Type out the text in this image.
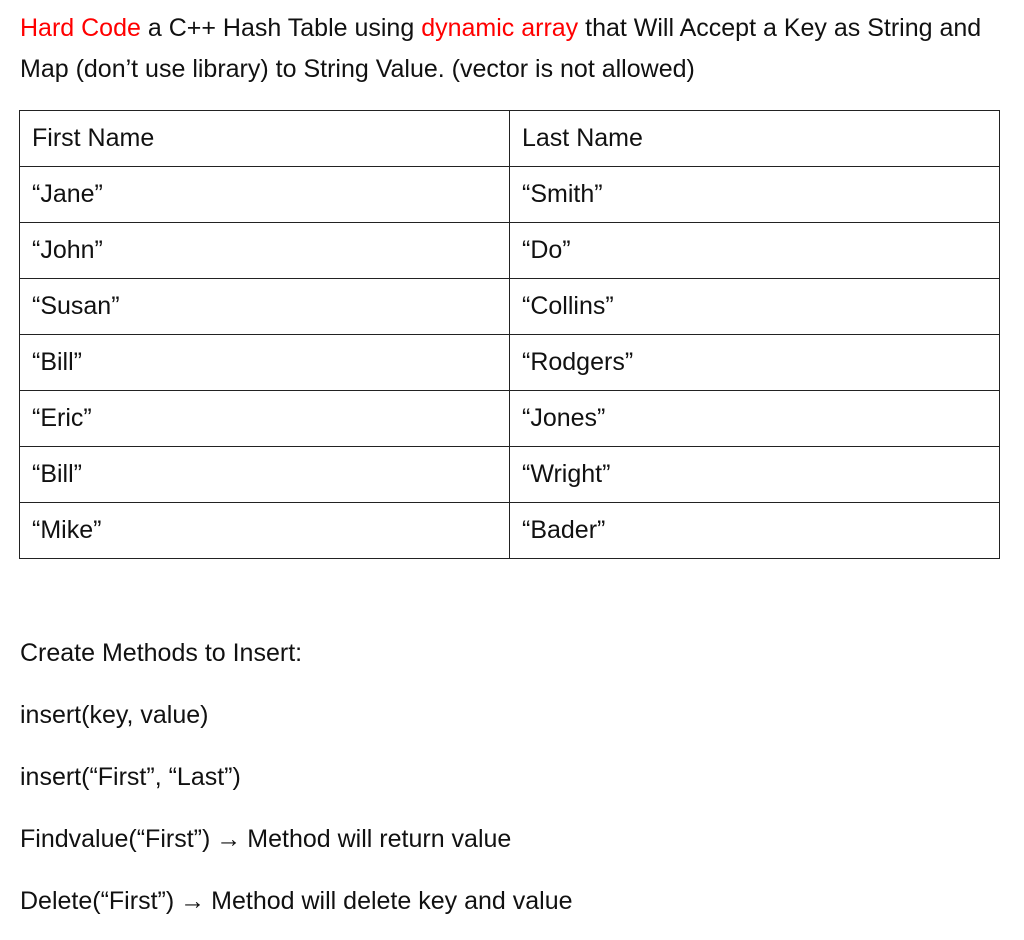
Hard Code a C++ Hash Table using dynamic array that Will Accept a Key as String and Map (don’t use library) to String Value. (vector is not allowed)

First Name	Last Name
“Jane”	“Smith”
“John”	“Do”
“Susan”	“Collins”
“Bill”	“Rodgers”
“Eric”	“Jones”
“Bill”	“Wright”
“Mike”	“Bader”
Create Methods to Insert:
insert(key, value)
insert(“First”, “Last”)
Findvalue(“First”) → Method will return value
Delete(“First”) → Method will delete key and value
